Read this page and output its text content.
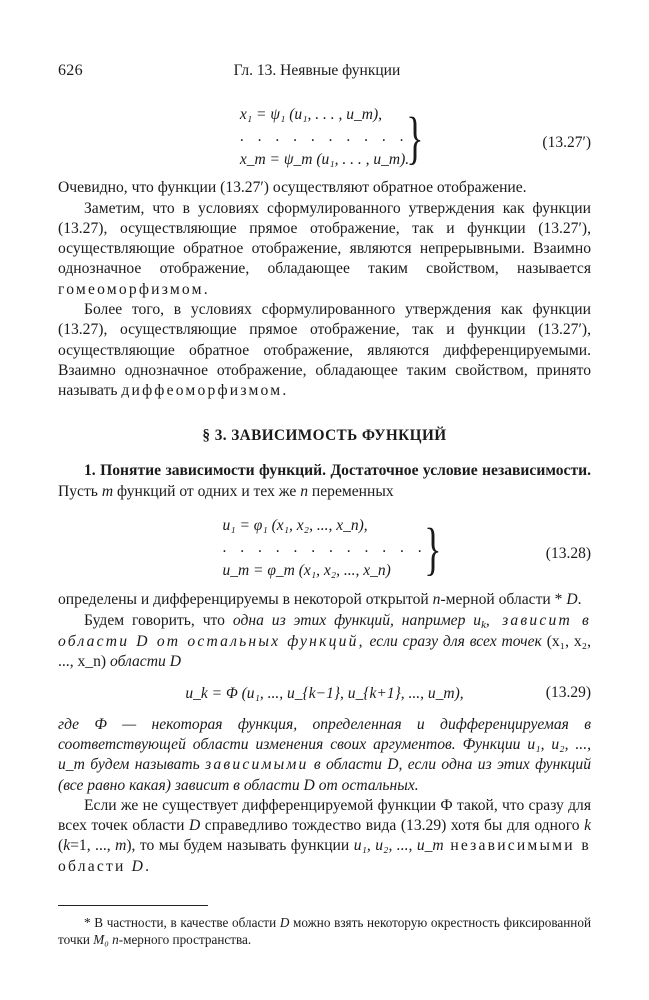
626	Гл. 13. Неявные функции
x₁ = ψ₁ (u₁, . . . , u_m),
. . . . . . . . . .
x_m = ψ_m (u₁, . . . , u_m).
}	(13.27′)

Очевидно, что функции (13.27′) осуществляют обратное отображение.

Заметим, что в условиях сформулированного утверждения как функции (13.27), осуществляющие прямое отображение, так и функции (13.27′), осуществляющие обратное отображение, являются непрерывными. Взаимно однозначное отображение, обладающее таким свойством, называется гомеоморфизмом.

Более того, в условиях сформулированного утверждения как функции (13.27), осуществляющие прямое отображение, так и функции (13.27′), осуществляющие обратное отображение, являются дифференцируемыми. Взаимно однозначное отображение, обладающее таким свойством, принято называть диффеоморфизмом.

§ 3. ЗАВИСИМОСТЬ ФУНКЦИЙ

1. Понятие зависимости функций. Достаточное условие независимости. Пусть m функций от одних и тех же n переменных

u₁ = φ₁ (x₁, x₂, ..., x_n),
. . . . . . . . . . . .
u_m = φ_m (x₁, x₂, ..., x_n) }	(13.28)

определены и дифференцируемы в некоторой открытой n-мерной области * D.

Будем говорить, что одна из этих функций, например $u_k$, зависит в области D от остальных функций, если сразу для всех точек (x₁, x₂, ..., x_n) области D

u_k = Φ (u₁, ..., u_{k−1}, u_{k+1}, ..., u_m),	(13.29)

где Ф — некоторая функция, определенная и дифференцируемая в соответствующей области изменения своих аргументов. Функции u₁, u₂, ..., u_m будем называть зависимыми в области D, если одна из этих функций (все равно какая) зависит в области D от остальных.

Если же не существует дифференцируемой функции Ф такой, что сразу для всех точек области D справедливо тождество вида (13.29) хотя бы для одного k (k=1, ..., m), то мы будем называть функции u₁, u₂, ..., u_m независимыми в области D.

* В частности, в качестве области D можно взять некоторую окрестность фиксированной точки M₀ n-мерного пространства.
